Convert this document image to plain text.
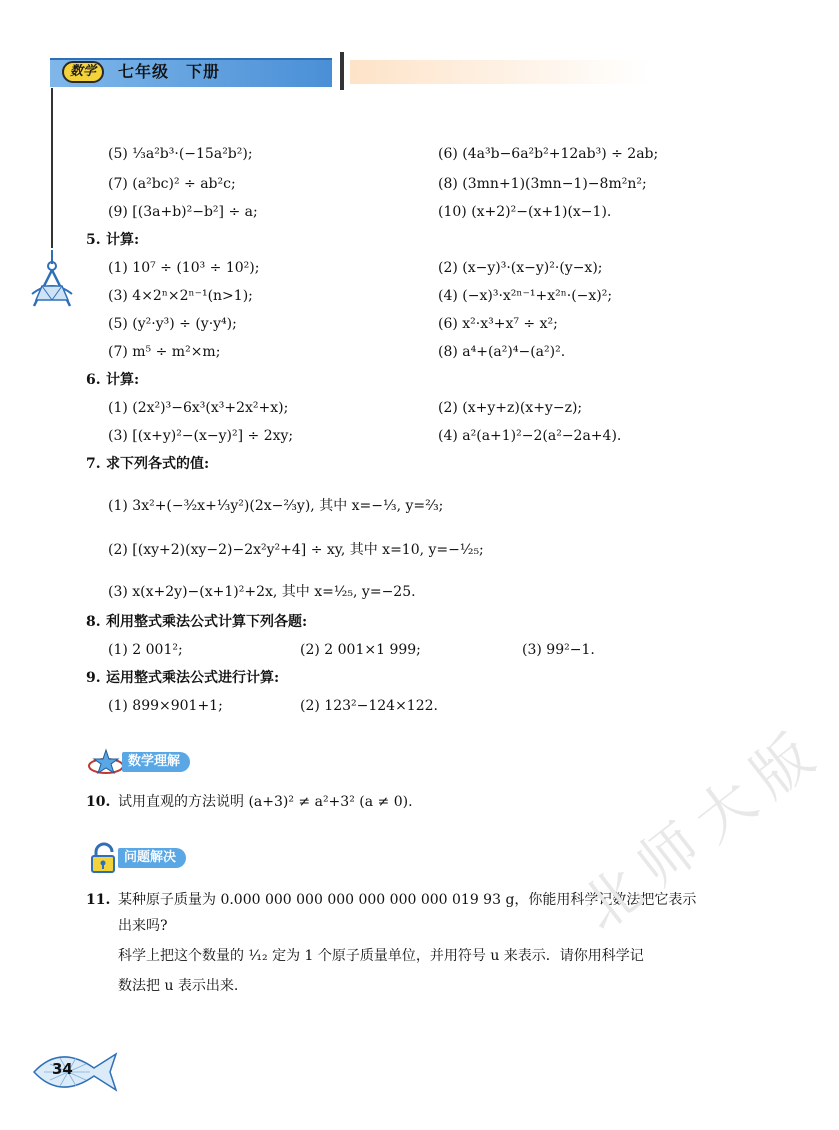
数学	七年级　下册
(5) ⅓a²b³·(−15a²b²);	(6) (4a³b−6a²b²+12ab³) ÷ 2ab;
(7) (a²bc)² ÷ ab²c;	(8) (3mn+1)(3mn−1)−8m²n²;
(9) [(3a+b)²−b²] ÷ a;	(10) (x+2)²−(x+1)(x−1).
5. 计算:
(1) 10⁷ ÷ (10³ ÷ 10²);	(2) (x−y)³·(x−y)²·(y−x);
(3) 4×2ⁿ×2ⁿ⁻¹(n>1);	(4) (−x)³·x²ⁿ⁻¹+x²ⁿ·(−x)²;
(5) (y²·y³) ÷ (y·y⁴);	(6) x²·x³+x⁷ ÷ x²;
(7) m⁵ ÷ m²×m;	(8) a⁴+(a²)⁴−(a²)².
6. 计算:
(1) (2x²)³−6x³(x³+2x²+x);	(2) (x+y+z)(x+y−z);
(3) [(x+y)²−(x−y)²] ÷ 2xy;	(4) a²(a+1)²−2(a²−2a+4).
7. 求下列各式的值:
(1) 3x²+(−³⁄₂x+⅓y²)(2x−⅔y), 其中 x=−⅓, y=⅔;
(2) [(xy+2)(xy−2)−2x²y²+4] ÷ xy, 其中 x=10, y=−¹⁄₂₅;
(3) x(x+2y)−(x+1)²+2x, 其中 x=¹⁄₂₅, y=−25.
8. 利用整式乘法公式计算下列各题:
(1) 2 001²;	(2) 2 001×1 999;	(3) 99²−1.
9. 运用整式乘法公式进行计算:
(1) 899×901+1;	(2) 123²−124×122.
数学理解
10. 试用直观的方法说明 (a+3)² ≠ a²+3² (a ≠ 0).
问题解决
11. 某种原子质量为 0.000 000 000 000 000 000 000 019 93 g，你能用科学记数法把它表示
出来吗?
科学上把这个数量的 ¹⁄₁₂ 定为 1 个原子质量单位，并用符号 u 来表示．请你用科学记
数法把 u 表示出来.
北师大版
34
